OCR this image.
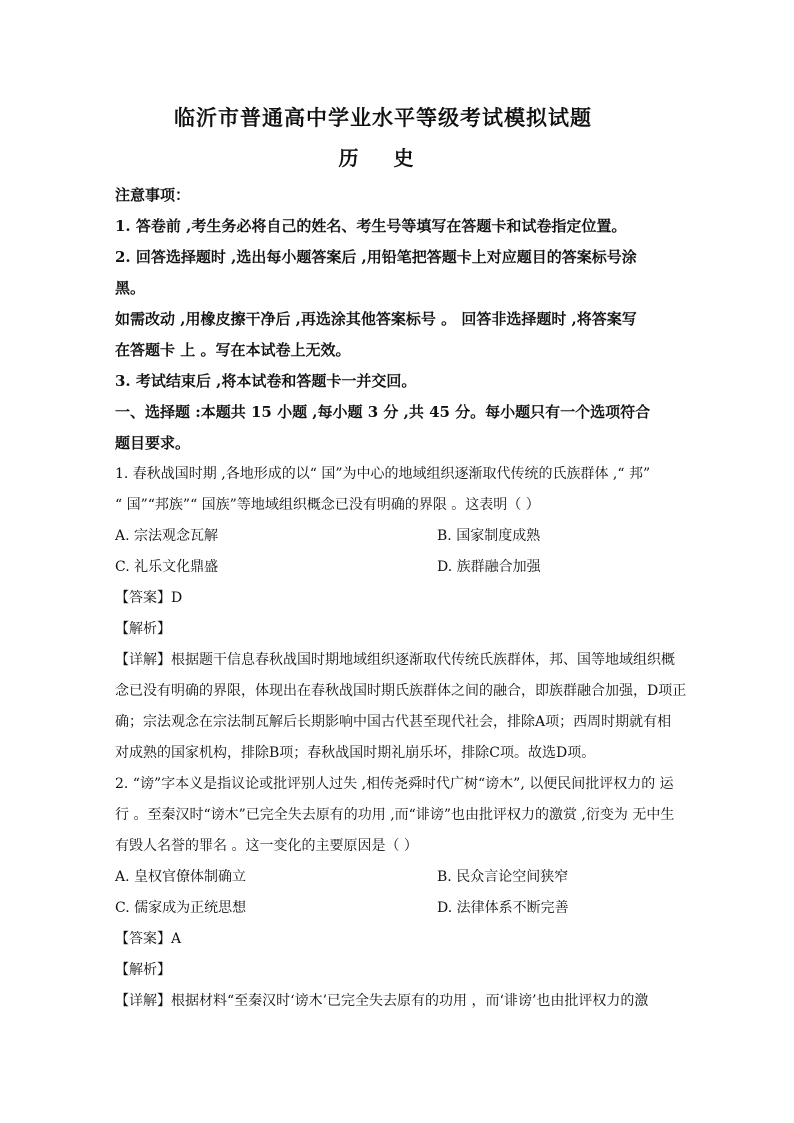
临沂市普通高中学业水平等级考试模拟试题
历 史

注意事项：

1. 答卷前 ,考生务必将自己的姓名、考生号等填写在答题卡和试卷指定位置。

2. 回答选择题时 ,选出每小题答案后 ,用铅笔把答题卡上对应题目的答案标号涂

黑。

如需改动 ,用橡皮擦干净后 ,再选涂其他答案标号 。 回答非选择题时 ,将答案写

在答题卡 上 。写在本试卷上无效。

3. 考试结束后 ,将本试卷和答题卡一并交回。

一、选择题 :本题共 15 小题 ,每小题 3 分 ,共 45 分。每小题只有一个选项符合

题目要求。

1. 春秋战国时期 ,各地形成的以“ 国”为中心的地域组织逐渐取代传统的氏族群体 ,“ 邦”

“ 国”“邦族”“ 国族”等地域组织概念已没有明确的界限 。这表明（ ）

A. 宗法观念瓦解	B. 国家制度成熟
C. 礼乐文化鼎盛	D. 族群融合加强

【答案】D

【解析】

【详解】根据题干信息春秋战国时期地域组织逐渐取代传统氏族群体，邦、国等地域组织概

念已没有明确的界限，体现出在春秋战国时期氏族群体之间的融合，即族群融合加强，D项正

确；宗法观念在宗法制瓦解后长期影响中国古代甚至现代社会，排除A项；西周时期就有相

对成熟的国家机构，排除B项；春秋战国时期礼崩乐坏，排除C项。故选D项。

2. “谤”字本义是指议论或批评别人过失 ,相传尧舜时代广树“谤木”, 以便民间批评权力的 运

行 。至秦汉时“谤木”已完全失去原有的功用 ,而“诽谤”也由批评权力的激赏 ,衍变为 无中生

有毁人名誉的罪名 。这一变化的主要原因是（ ）

A. 皇权官僚体制确立	B. 民众言论空间狭窄
C. 儒家成为正统思想	D. 法律体系不断完善

【答案】A

【解析】

【详解】根据材料“至秦汉时‘谤木’已完全失去原有的功用 ，而‘诽谤’也由批评权力的激
